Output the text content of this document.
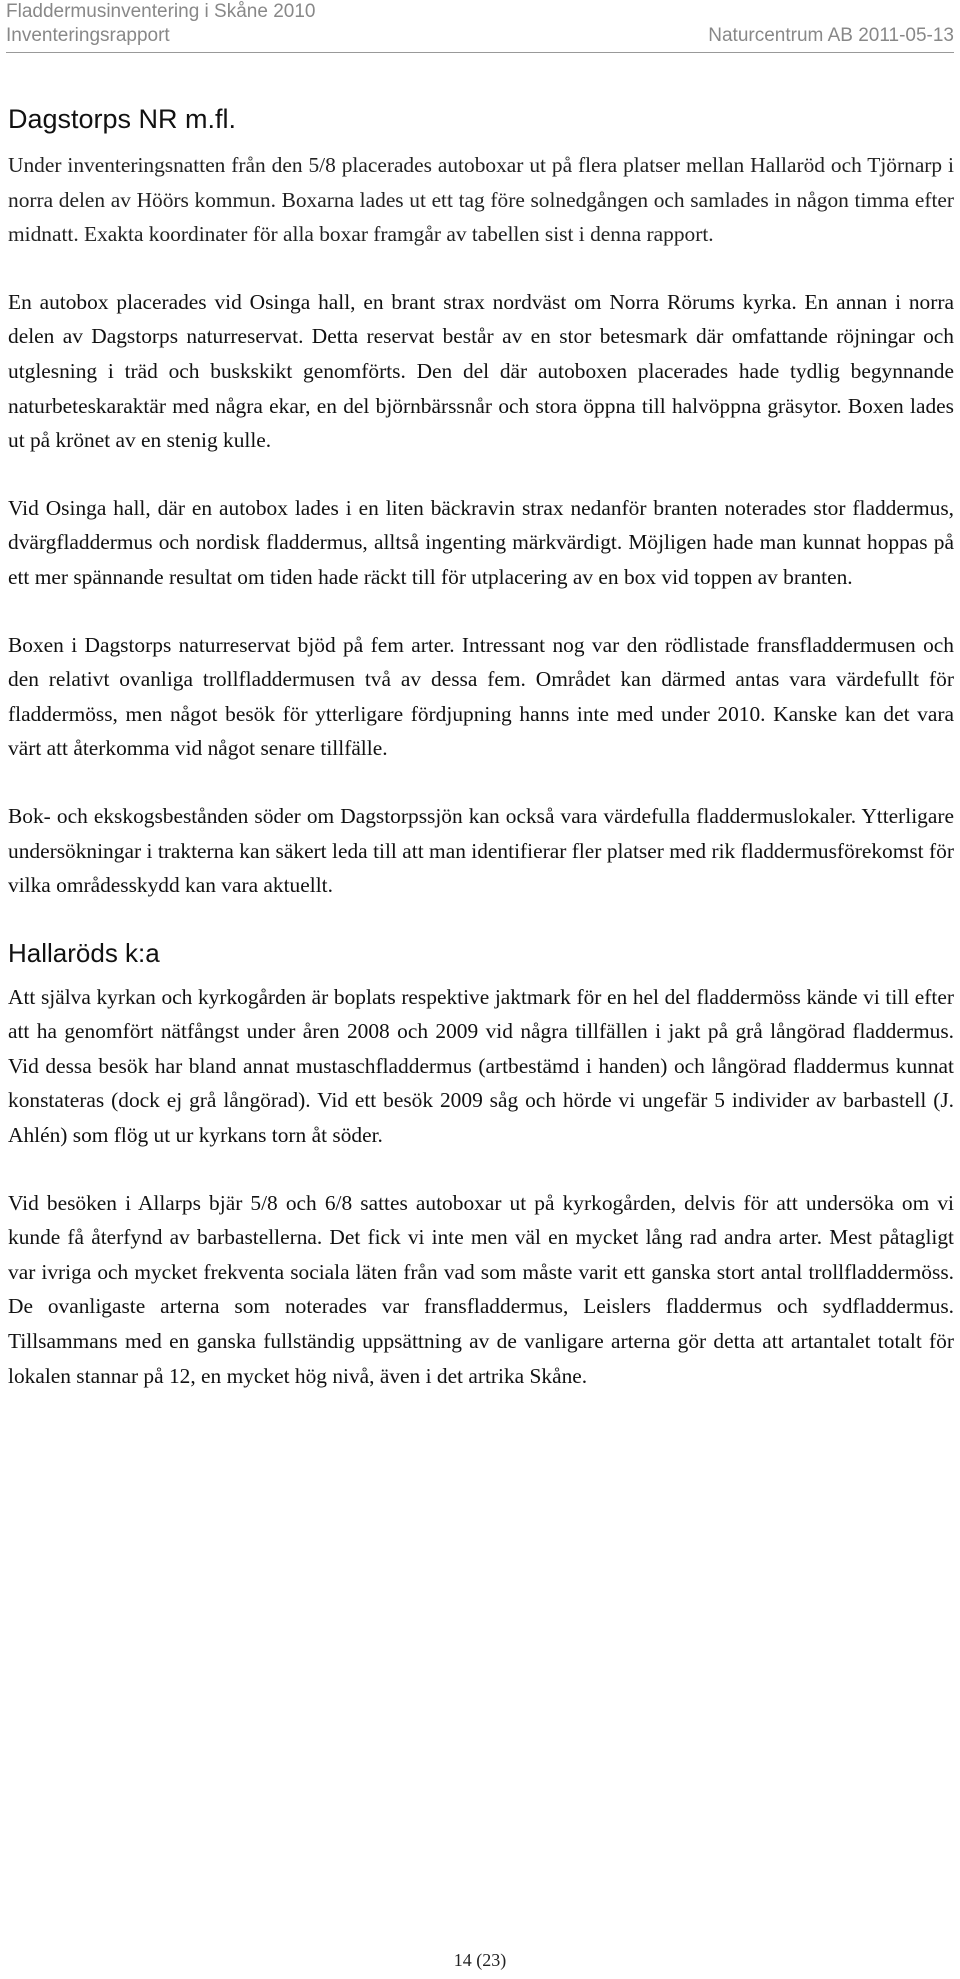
Fladdermusinventering i Skåne 2010
Inventeringsrapport	Naturcentrum AB 2011-05-13
Dagstorps NR m.fl.

Under inventeringsnatten från den 5/8 placerades autoboxar ut på flera platser mellan Hallaröd och Tjörnarp i norra delen av Höörs kommun. Boxarna lades ut ett tag före solnedgången och samlades in någon timma efter midnatt. Exakta koordinater för alla boxar framgår av tabellen sist i denna rapport.

En autobox placerades vid Osinga hall, en brant strax nordväst om Norra Rörums kyrka. En annan i norra delen av Dagstorps naturreservat. Detta reservat består av en stor betesmark där omfattande röjningar och utglesning i träd och buskskikt genomförts. Den del där autoboxen placerades hade tydlig begynnande naturbeteskaraktär med några ekar, en del björnbärssnår och stora öppna till halvöppna gräsytor. Boxen lades ut på krönet av en stenig kulle.

Vid Osinga hall, där en autobox lades i en liten bäckravin strax nedanför branten noterades stor fladdermus, dvärgfladdermus och nordisk fladdermus, alltså ingenting märkvärdigt. Möjligen hade man kunnat hoppas på ett mer spännande resultat om tiden hade räckt till för utplacering av en box vid toppen av branten.

Boxen i Dagstorps naturreservat bjöd på fem arter. Intressant nog var den rödlistade fransfladdermusen och den relativt ovanliga trollfladdermusen två av dessa fem. Området kan därmed antas vara värdefullt för fladdermöss, men något besök för ytterligare fördjupning hanns inte med under 2010. Kanske kan det vara värt att återkomma vid något senare tillfälle.

Bok- och ekskogsbestånden söder om Dagstorpssjön kan också vara värdefulla fladdermuslokaler. Ytterligare undersökningar i trakterna kan säkert leda till att man identifierar fler platser med rik fladdermusförekomst för vilka områdesskydd kan vara aktuellt.

Hallaröds k:a

Att själva kyrkan och kyrkogården är boplats respektive jaktmark för en hel del fladdermöss kände vi till efter att ha genomfört nätfångst under åren 2008 och 2009 vid några tillfällen i jakt på grå långörad fladdermus. Vid dessa besök har bland annat mustaschfladdermus (artbestämd i handen) och långörad fladdermus kunnat konstateras (dock ej grå långörad). Vid ett besök 2009 såg och hörde vi ungefär 5 individer av barbastell (J. Ahlén) som flög ut ur kyrkans torn åt söder.

Vid besöken i Allarps bjär 5/8 och 6/8 sattes autoboxar ut på kyrkogården, delvis för att undersöka om vi kunde få återfynd av barbastellerna. Det fick vi inte men väl en mycket lång rad andra arter. Mest påtagligt var ivriga och mycket frekventa sociala läten från vad som måste varit ett ganska stort antal trollfladdermöss. De ovanligaste arterna som noterades var fransfladdermus, Leislers fladdermus och sydfladdermus. Tillsammans med en ganska fullständig uppsättning av de vanligare arterna gör detta att artantalet totalt för lokalen stannar på 12, en mycket hög nivå, även i det artrika Skåne.

14 (23)
